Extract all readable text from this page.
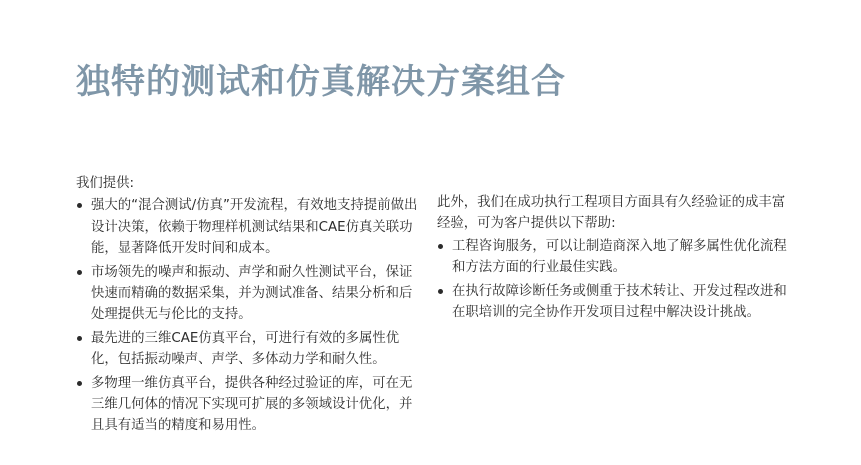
独特的测试和仿真解决方案组合
我们提供:
强大的“混合测试/仿真”开发流程，有效地支持提前做出设计决策，依赖于物理样机测试结果和CAE仿真关联功能，显著降低开发时间和成本。
市场领先的噪声和振动、声学和耐久性测试平台，保证快速而精确的数据采集，并为测试准备、结果分析和后处理提供无与伦比的支持。
最先进的三维CAE仿真平台，可进行有效的多属性优化，包括振动噪声、声学、多体动力学和耐久性。
多物理一维仿真平台，提供各种经过验证的库，可在无三维几何体的情况下实现可扩展的多领域设计优化，并且具有适当的精度和易用性。
此外，我们在成功执行工程项目方面具有久经验证的成丰富经验，可为客户提供以下帮助:
工程咨询服务，可以让制造商深入地了解多属性优化流程和方法方面的行业最佳实践。
在执行故障诊断任务或侧重于技术转让、开发过程改进和在职培训的完全协作开发项目过程中解决设计挑战。
